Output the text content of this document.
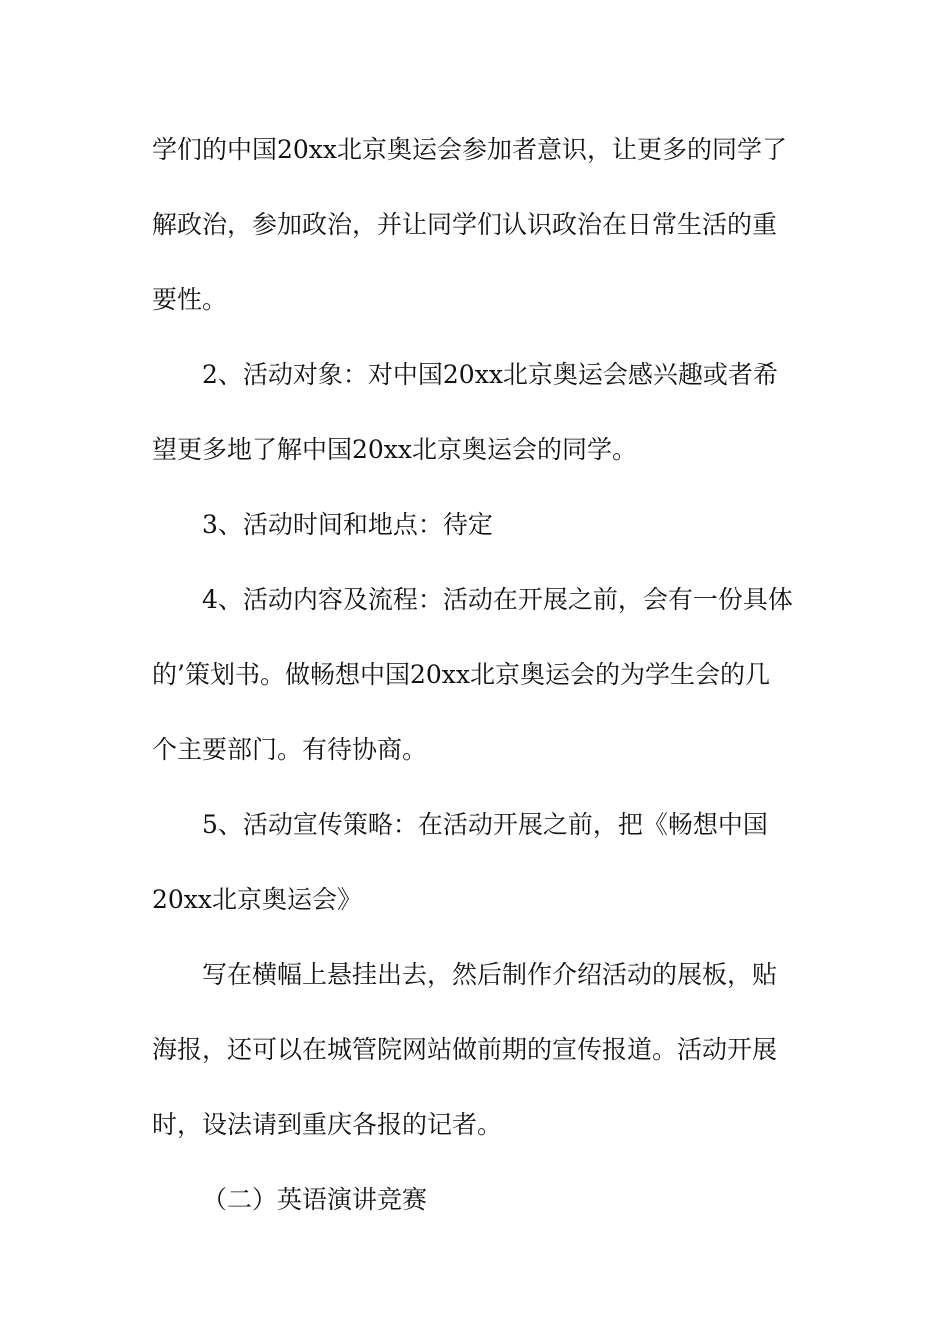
学们的中国20xx北京奥运会参加者意识，让更多的同学了
解政治，参加政治，并让同学们认识政治在日常生活的重
要性。
2、活动对象：对中国20xx北京奥运会感兴趣或者希
望更多地了解中国20xx北京奥运会的同学。
3、活动时间和地点：待定
4、活动内容及流程：活动在开展之前，会有一份具体
的’策划书。做畅想中国20xx北京奥运会的为学生会的几
个主要部门。有待协商。
5、活动宣传策略：在活动开展之前，把《畅想中国
20xx北京奥运会》
写在横幅上悬挂出去，然后制作介绍活动的展板，贴
海报，还可以在城管院网站做前期的宣传报道。活动开展
时，设法请到重庆各报的记者。
（二）英语演讲竞赛
